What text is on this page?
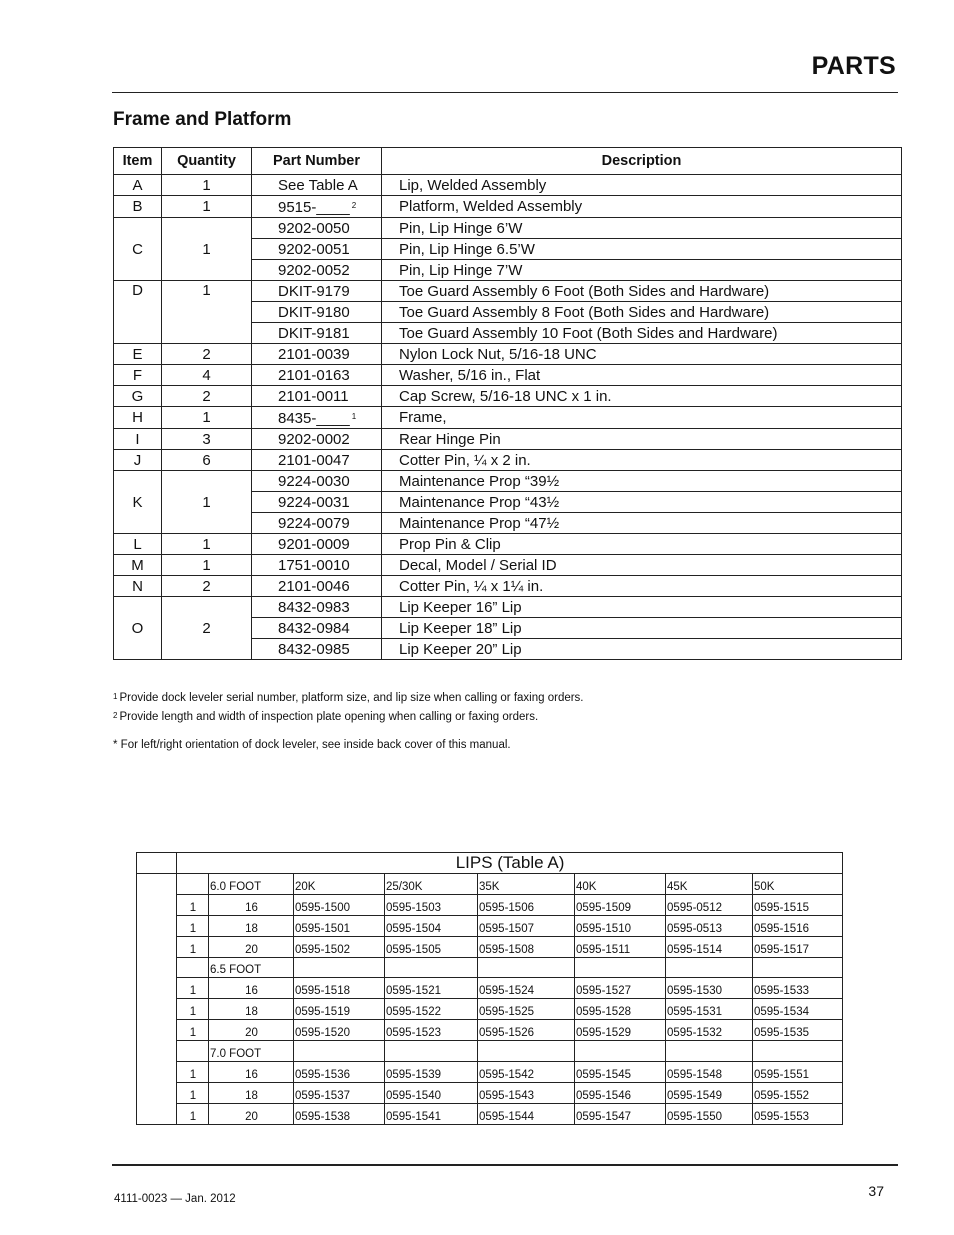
PARTS
Frame and Platform
Item	Quantity	Part Number	Description
A	1	See Table A	Lip, Welded Assembly
B	1	9515-____ $^2$	Platform, Welded Assembly
C	1	9202-0050	Pin, Lip Hinge 6’W
		9202-0051	Pin, Lip Hinge 6.5’W
		9202-0052	Pin, Lip Hinge 7’W
D	1	DKIT-9179	Toe Guard Assembly 6 Foot (Both Sides and Hardware)
		DKIT-9180	Toe Guard Assembly 8 Foot (Both Sides and Hardware)
		DKIT-9181	Toe Guard Assembly 10 Foot (Both Sides and Hardware)
E	2	2101-0039	Nylon Lock Nut, 5/16-18 UNC
F	4	2101-0163	Washer, 5/16 in., Flat
G	2	2101-0011	Cap Screw, 5/16-18 UNC x 1 in.
H	1	8435-____ $^1$	Frame,
I	3	9202-0002	Rear Hinge Pin
J	6	2101-0047	Cotter Pin, ¼ x 2 in.
K	1	9224-0030	Maintenance Prop “39½
		9224-0031	Maintenance Prop “43½
		9224-0079	Maintenance Prop “47½
L	1	9201-0009	Prop Pin & Clip
M	1	1751-0010	Decal, Model / Serial ID
N	2	2101-0046	Cotter Pin, ¼ x 1¼ in.
O	2	8432-0983	Lip Keeper 16” Lip
		8432-0984	Lip Keeper 18” Lip
		8432-0985	Lip Keeper 20” Lip
1 Provide dock leveler serial number, platform size, and lip size when calling or faxing orders.
2 Provide length and width of inspection plate opening when calling or faxing orders.
* For left/right orientation of dock leveler, see inside back cover of this manual.
	LIPS (Table A)							
		6.0 FOOT	20K	25/30K	35K	40K	45K	50K
	1	16	0595-1500	0595-1503	0595-1506	0595-1509	0595-0512	0595-1515
	1	18	0595-1501	0595-1504	0595-1507	0595-1510	0595-0513	0595-1516
	1	20	0595-1502	0595-1505	0595-1508	0595-1511	0595-1514	0595-1517
		6.5 FOOT						
	1	16	0595-1518	0595-1521	0595-1524	0595-1527	0595-1530	0595-1533
	1	18	0595-1519	0595-1522	0595-1525	0595-1528	0595-1531	0595-1534
	1	20	0595-1520	0595-1523	0595-1526	0595-1529	0595-1532	0595-1535
		7.0 FOOT						
	1	16	0595-1536	0595-1539	0595-1542	0595-1545	0595-1548	0595-1551
	1	18	0595-1537	0595-1540	0595-1543	0595-1546	0595-1549	0595-1552
	1	20	0595-1538	0595-1541	0595-1544	0595-1547	0595-1550	0595-1553
37
4111-0023 — Jan. 2012
